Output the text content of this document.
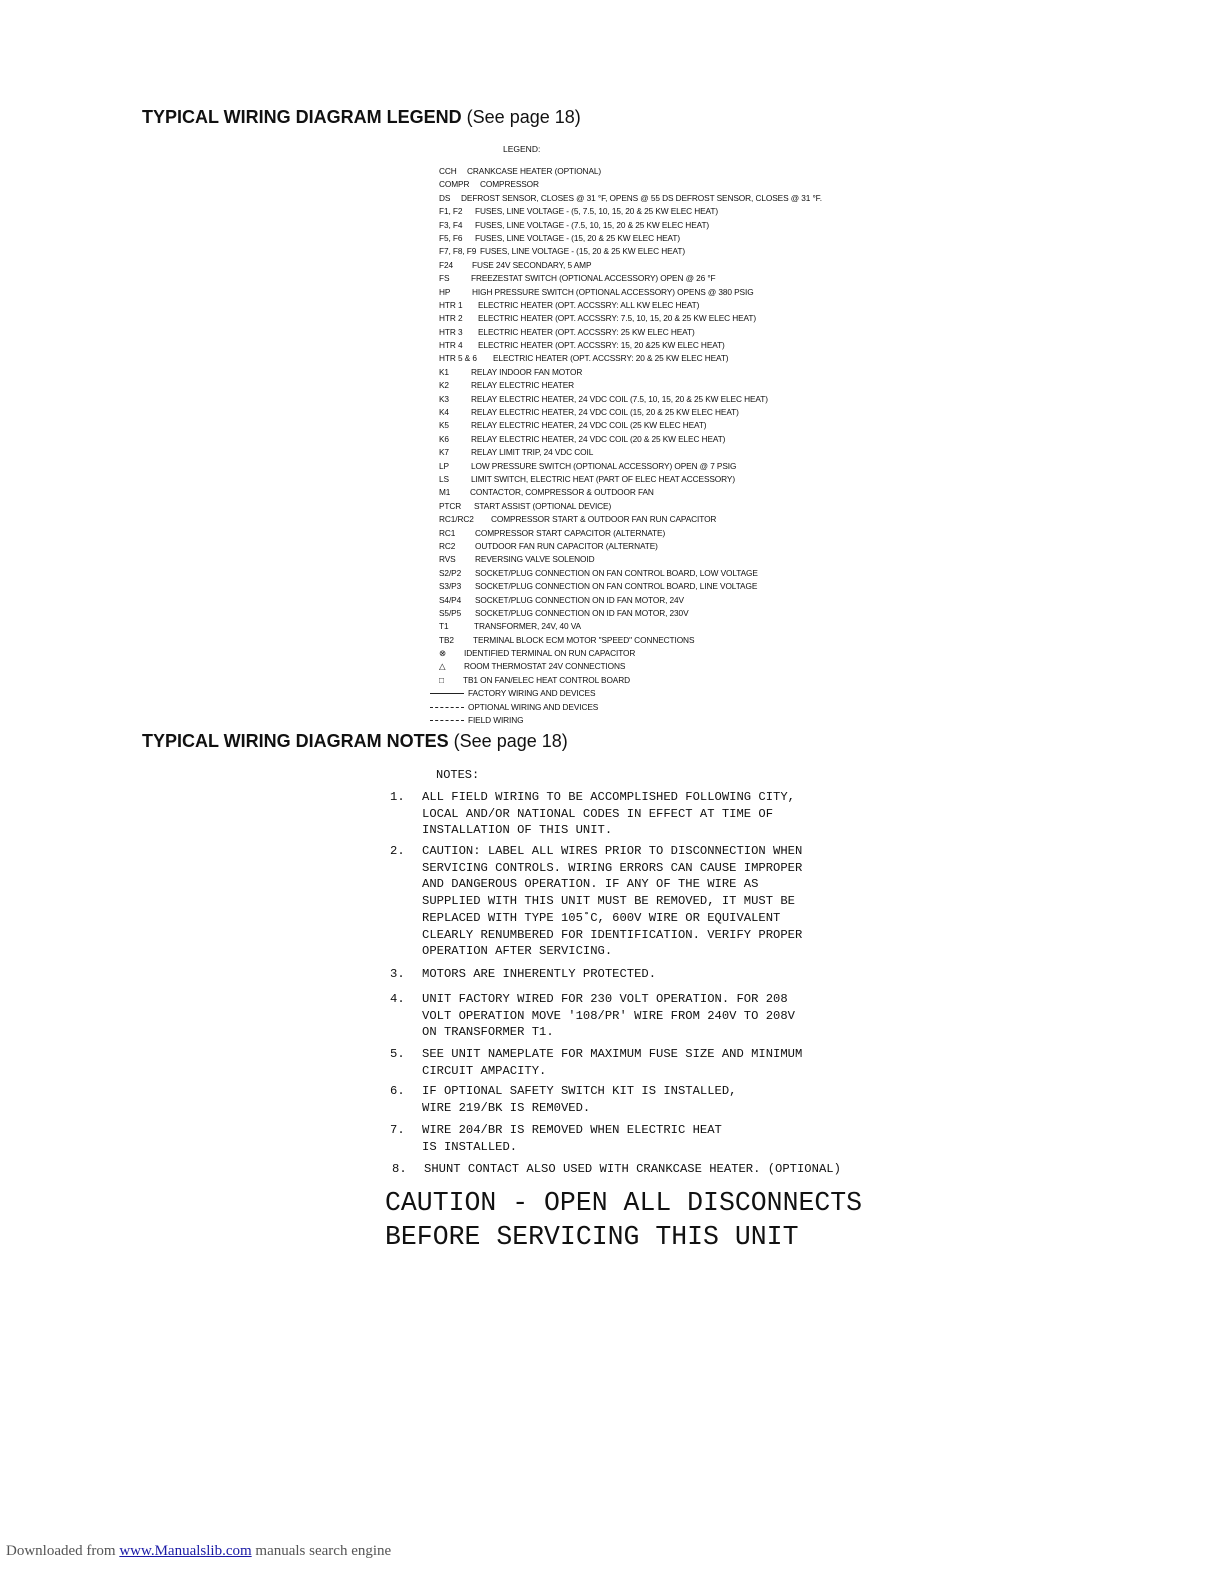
TYPICAL WIRING DIAGRAM LEGEND (See page 18)
LEGEND:
CCH CRANKCASE HEATER (OPTIONAL)
COMPR COMPRESSOR
DS DEFROST SENSOR, CLOSES @ 31 °F, OPENS @ 55 DS DEFROST SENSOR, CLOSES @ 31 °F.
F1, F2 FUSES, LINE VOLTAGE - (5, 7.5, 10, 15, 20 & 25 KW ELEC HEAT)
F3, F4 FUSES, LINE VOLTAGE - (7.5, 10, 15, 20 & 25 KW ELEC HEAT)
F5, F6 FUSES, LINE VOLTAGE - (15, 20 & 25 KW ELEC HEAT)
F7, F8, F9 FUSES, LINE VOLTAGE - (15, 20 & 25 KW ELEC HEAT)
F24 FUSE 24V SECONDARY, 5 AMP
FS	FREEZESTAT SWITCH (OPTIONAL ACCESSORY) OPEN @ 26 °F
HP	HIGH PRESSURE SWITCH (OPTIONAL ACCESSORY) OPENS @ 380 PSIG
HTR 1 ELECTRIC HEATER (OPT. ACCSSRY: ALL KW ELEC HEAT)
HTR 2 ELECTRIC HEATER (OPT. ACCSSRY: 7.5, 10, 15, 20 & 25 KW ELEC HEAT)
HTR 3 ELECTRIC HEATER (OPT. ACCSSRY: 25 KW ELEC HEAT)
HTR 4 ELECTRIC HEATER (OPT. ACCSSRY: 15, 20 &25 KW ELEC HEAT)
HTR 5 & 6 ELECTRIC HEATER (OPT. ACCSSRY: 20 & 25 KW ELEC HEAT)
K1	RELAY INDOOR FAN MOTOR
K2	RELAY ELECTRIC HEATER
K3	RELAY ELECTRIC HEATER, 24 VDC COIL (7.5, 10, 15, 20 & 25 KW ELEC HEAT)
K4	RELAY ELECTRIC HEATER, 24 VDC COIL (15, 20 & 25 KW ELEC HEAT)
K5	RELAY ELECTRIC HEATER, 24 VDC COIL (25 KW ELEC HEAT)
K6	RELAY ELECTRIC HEATER, 24 VDC COIL (20 & 25 KW ELEC HEAT)
K7	RELAY LIMIT TRIP, 24 VDC COIL
LP	LOW PRESSURE SWITCH (OPTIONAL ACCESSORY) OPEN @ 7 PSIG
LS	LIMIT SWITCH, ELECTRIC HEAT (PART OF ELEC HEAT ACCESSORY)
M1 CONTACTOR, COMPRESSOR & OUTDOOR FAN
PTCR START ASSIST (OPTIONAL DEVICE)
RC1/RC2 COMPRESSOR START & OUTDOOR FAN RUN CAPACITOR
RC1 COMPRESSOR START CAPACITOR (ALTERNATE)
RC2 OUTDOOR FAN RUN CAPACITOR (ALTERNATE)
RVS REVERSING VALVE SOLENOID
S2/P2 SOCKET/PLUG CONNECTION ON FAN CONTROL BOARD, LOW VOLTAGE
S3/P3 SOCKET/PLUG CONNECTION ON FAN CONTROL BOARD, LINE VOLTAGE
S4/P4 SOCKET/PLUG CONNECTION ON ID FAN MOTOR, 24V
S5/P5 SOCKET/PLUG CONNECTION ON ID FAN MOTOR, 230V
T1	TRANSFORMER, 24V, 40 VA
TB2 TERMINAL BLOCK ECM MOTOR "SPEED" CONNECTIONS
⊗ IDENTIFIED TERMINAL ON RUN CAPACITOR
△ ROOM THERMOSTAT 24V CONNECTIONS
□ TB1 ON FAN/ELEC HEAT CONTROL BOARD
FACTORY WIRING AND DEVICES
OPTIONAL WIRING AND DEVICES
FIELD WIRING
TYPICAL WIRING DIAGRAM NOTES (See page 18)
NOTES:
1. ALL FIELD WIRING TO BE ACCOMPLISHED FOLLOWING CITY,
LOCAL AND/OR NATIONAL CODES IN EFFECT AT TIME OF
INSTALLATION OF THIS UNIT.
2. CAUTION: LABEL ALL WIRES PRIOR TO DISCONNECTION WHEN
SERVICING CONTROLS. WIRING ERRORS CAN CAUSE IMPROPER
AND DANGEROUS OPERATION. IF ANY OF THE WIRE AS
SUPPLIED WITH THIS UNIT MUST BE REMOVED, IT MUST BE
REPLACED WITH TYPE 105˚C, 600V WIRE OR EQUIVALENT
CLEARLY RENUMBERED FOR IDENTIFICATION. VERIFY PROPER
OPERATION AFTER SERVICING.
3. MOTORS ARE INHERENTLY PROTECTED.
4. UNIT FACTORY WIRED FOR 230 VOLT OPERATION. FOR 208
VOLT OPERATION MOVE '108/PR' WIRE FROM 240V TO 208V
ON TRANSFORMER T1.
5. SEE UNIT NAMEPLATE FOR MAXIMUM FUSE SIZE AND MINIMUM
CIRCUIT AMPACITY.
6. IF OPTIONAL SAFETY SWITCH KIT IS INSTALLED,
WIRE 219/BK IS REM0VED.
7. WIRE 204/BR IS REMOVED WHEN ELECTRIC HEAT
IS INSTALLED.
8. SHUNT CONTACT ALSO USED WITH CRANKCASE HEATER. (OPTIONAL)
CAUTION - OPEN ALL DISCONNECTS
BEFORE SERVICING THIS UNIT
Downloaded from www.Manualslib.com manuals search engine
